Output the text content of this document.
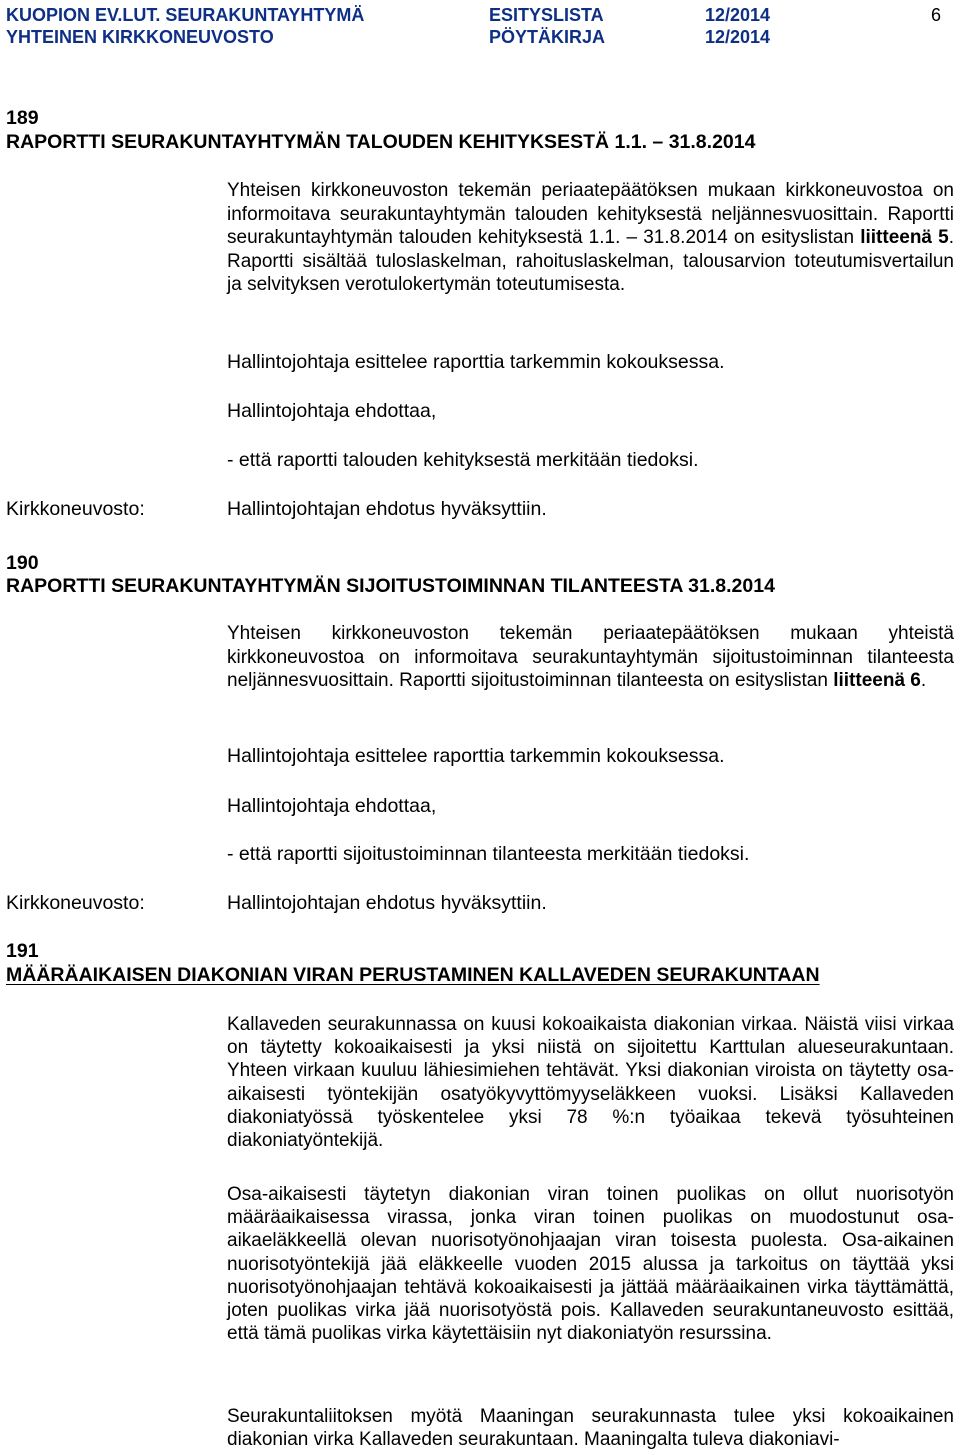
KUOPION EV.LUT. SEURAKUNTAYHTYMÄ
YHTEINEN KIRKKONEUVOSTO
ESITYSLISTA
PÖYTÄKIRJA
12/2014
12/2014
6
189
RAPORTTI SEURAKUNTAYHTYMÄN TALOUDEN KEHITYKSESTÄ 1.1. – 31.8.2014
Yhteisen kirkkoneuvoston tekemän periaatepäätöksen mukaan kirkkoneuvostoa on informoitava seurakuntayhtymän talouden kehityksestä neljännesvuosittain. Raportti seurakuntayhtymän talouden kehityksestä 1.1. – 31.8.2014 on esityslistan liitteenä 5. Raportti sisältää tuloslaskelman, rahoituslaskelman, talousarvion toteutumisvertailun ja selvityksen verotulokertymän toteutumisesta.
Hallintojohtaja esittelee raporttia tarkemmin kokouksessa.
Hallintojohtaja ehdottaa,
- että raportti talouden kehityksestä merkitään tiedoksi.
Kirkkoneuvosto:	Hallintojohtajan ehdotus hyväksyttiin.
190
RAPORTTI SEURAKUNTAYHTYMÄN SIJOITUSTOIMINNAN TILANTEESTA 31.8.2014
Yhteisen kirkkoneuvoston tekemän periaatepäätöksen mukaan yhteistä kirkkoneuvostoa on informoitava seurakuntayhtymän sijoitustoiminnan tilanteesta neljännesvuosittain. Raportti sijoitustoiminnan tilanteesta on esityslistan liitteenä 6.
Hallintojohtaja esittelee raporttia tarkemmin kokouksessa.
Hallintojohtaja ehdottaa,
- että raportti sijoitustoiminnan tilanteesta merkitään tiedoksi.
Kirkkoneuvosto:	Hallintojohtajan ehdotus hyväksyttiin.
191
MÄÄRÄAIKAISEN DIAKONIAN VIRAN PERUSTAMINEN KALLAVEDEN SEURAKUNTAAN
Kallaveden seurakunnassa on kuusi kokoaikaista diakonian virkaa. Näistä viisi virkaa on täytetty kokoaikaisesti ja yksi niistä on sijoitettu Karttulan alueseurakuntaan. Yhteen virkaan kuuluu lähiesimiehen tehtävät. Yksi diakonian viroista on täytetty osa-aikaisesti työntekijän osatyökyvyttömyyseläkkeen vuoksi. Lisäksi Kallaveden diakoniatyössä työskentelee yksi 78 %:n työaikaa tekevä työsuhteinen diakoniatyöntekijä.
Osa-aikaisesti täytetyn diakonian viran toinen puolikas on ollut nuorisotyön määräaikaisessa virassa, jonka viran toinen puolikas on muodostunut osa-aikaeläkkeellä olevan nuorisotyönohjaajan viran toisesta puolesta. Osa-aikainen nuorisotyöntekijä jää eläkkeelle vuoden 2015 alussa ja tarkoitus on täyttää yksi nuorisotyönohjaajan tehtävä kokoaikaisesti ja jättää määräaikainen virka täyttämättä, joten puolikas virka jää nuorisotyöstä pois. Kallaveden seurakuntaneuvosto esittää, että tämä puolikas virka käytettäisiin nyt diakoniatyön resurssina.
Seurakuntaliitoksen myötä Maaningan seurakunnasta tulee yksi kokoaikainen diakonian virka Kallaveden seurakuntaan. Maaningalta tuleva diakoniavi-
